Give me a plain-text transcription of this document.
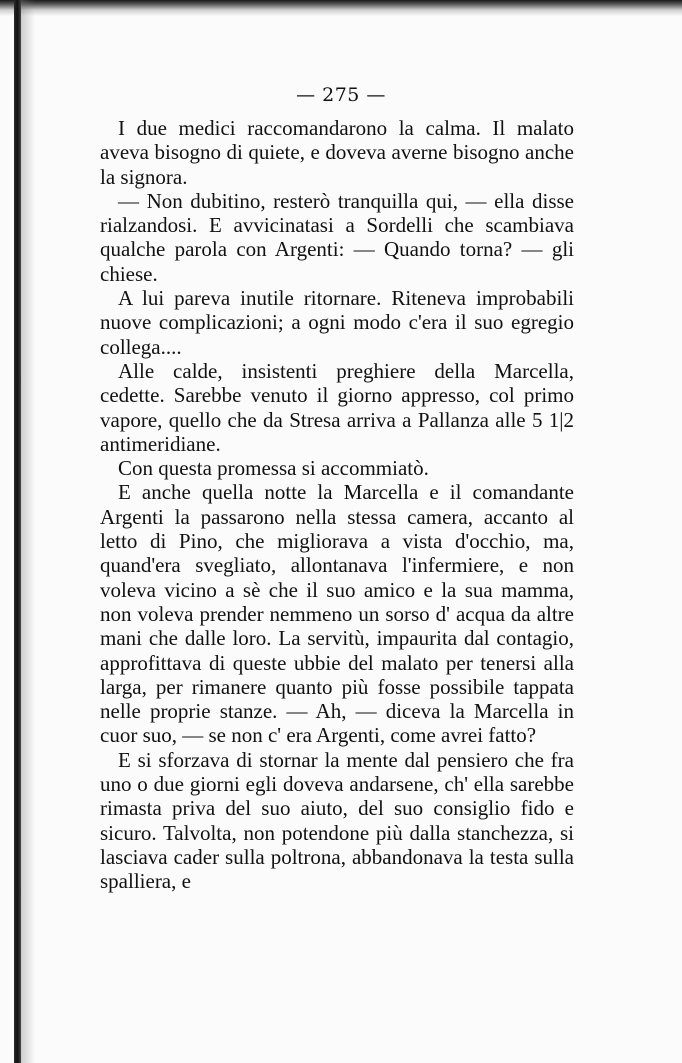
— 275 —

I due medici raccomandarono la calma. Il malato aveva bisogno di quiete, e doveva averne bisogno anche la signora.

— Non dubitino, resterò tranquilla qui, — ella disse rialzandosi. E avvicinatasi a Sordelli che scambiava qualche parola con Argenti: — Quando torna? — gli chiese.

A lui pareva inutile ritornare. Riteneva improbabili nuove complicazioni; a ogni modo c'era il suo egregio collega....

Alle calde, insistenti preghiere della Marcella, cedette. Sarebbe venuto il giorno appresso, col primo vapore, quello che da Stresa arriva a Pallanza alle 5 1|2 antimeridiane.

Con questa promessa si accommiatò.

E anche quella notte la Marcella e il comandante Argenti la passarono nella stessa camera, accanto al letto di Pino, che migliorava a vista d'occhio, ma, quand'era svegliato, allontanava l'infermiere, e non voleva vicino a sè che il suo amico e la sua mamma, non voleva prender nemmeno un sorso d' acqua da altre mani che dalle loro. La servitù, impaurita dal contagio, approfittava di queste ubbie del malato per tenersi alla larga, per rimanere quanto più fosse possibile tappata nelle proprie stanze. — Ah, — diceva la Marcella in cuor suo, — se non c' era Argenti, come avrei fatto?

E si sforzava di stornar la mente dal pensiero che fra uno o due giorni egli doveva andarsene, ch' ella sarebbe rimasta priva del suo aiuto, del suo consiglio fido e sicuro. Talvolta, non potendone più dalla stanchezza, si lasciava cader sulla poltrona, abbandonava la testa sulla spalliera, e
